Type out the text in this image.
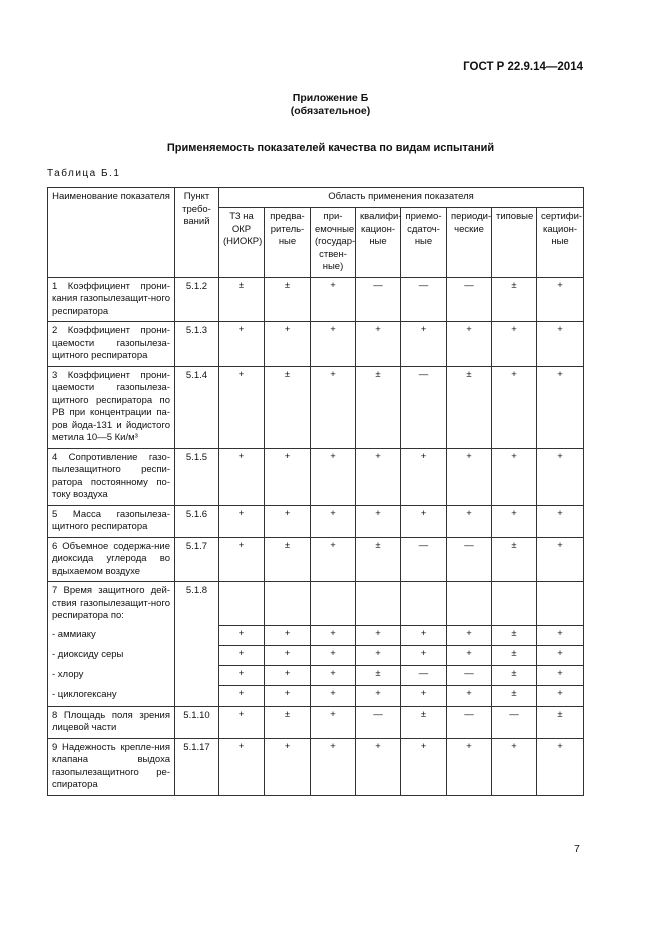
ГОСТ Р 22.9.14—2014
Приложение Б
(обязательное)
Применяемость показателей качества по видам испытаний
Таблица Б.1
Наименование показателя	Пункт требо-ваний	Область применения показателя							
		ТЗ на ОКР (НИОКР)	предва-ритель-ные	при-емочные (государ-ствен-ные)	квалифи-кацион-ные	приемо-сдаточ-ные	периоди-ческие	типовые	сертифи-кацион-ные
1 Коэффициент прони-кания газопылезащит-ного респиратора	5.1.2	±	±	+	—	—	—	±	+
2 Коэффициент прони-цаемости газопылеза-щитного респиратора	5.1.3	+	+	+	+	+	+	+	+
3 Коэффициент прони-цаемости газопылеза-щитного респиратора по РВ при концентрации па-ров йода-131 и йодистого метила 10—5 Ки/м³	5.1.4	+	±	+	±	—	±	+	+
4 Сопротивление газо-пылезащитного респи-ратора постоянному по-току воздуха	5.1.5	+	+	+	+	+	+	+	+
5 Масса газопылеза-щитного респиратора	5.1.6	+	+	+	+	+	+	+	+
6 Объемное содержа-ние диоксида углерода во вдыхаемом воздухе	5.1.7	+	±	+	±	—	—	±	+
7 Время защитного дей-ствия газопылезащит-ного респиратора по:	5.1.8								
- аммиаку		+	+	+	+	+	+	±	+
- диоксиду серы		+	+	+	+	+	+	±	+
- хлору		+	+	+	±	—	—	±	+
- циклогексану		+	+	+	+	+	+	±	+
8 Площадь поля зрения лицевой части	5.1.10	+	±	+	—	±	—	—	±
9 Надежность крепле-ния клапана выдоха газопылезащитного ре-спиратора	5.1.17	+	+	+	+	+	+	+	+
7
